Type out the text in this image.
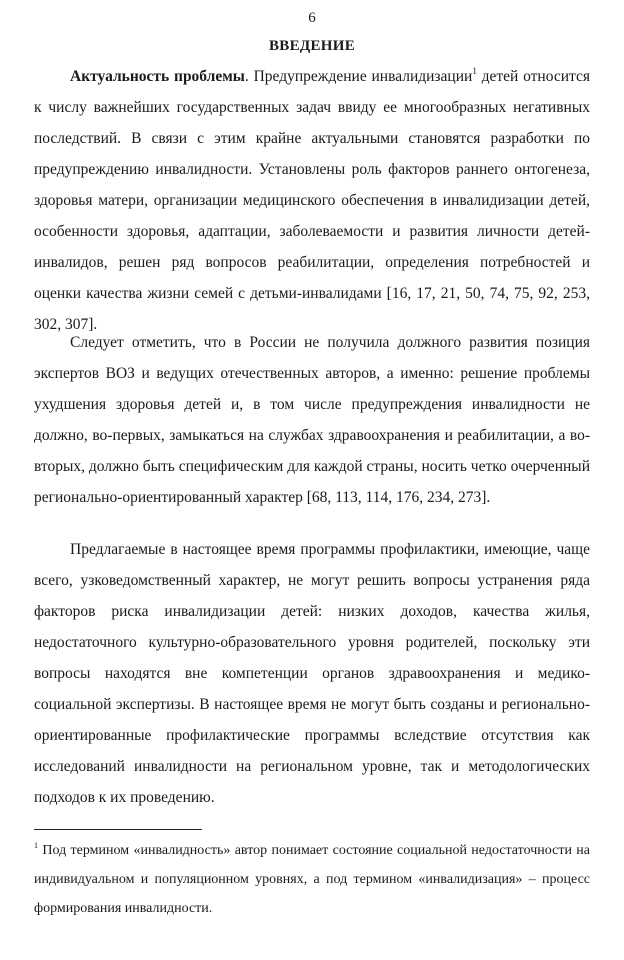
6
ВВЕДЕНИЕ

Актуальность проблемы. Предупреждение инвалидизации$^1$ детей относится к числу важнейших государственных задач ввиду ее многообразных негативных последствий. В связи с этим крайне актуальными становятся разработки по предупреждению инвалидности. Установлены роль факторов раннего онтогенеза, здоровья матери, организации медицинского обеспечения в инвалидизации детей, особенности здоровья, адаптации, заболеваемости и развития личности детей-инвалидов, решен ряд вопросов реабилитации, определения потребностей и оценки качества жизни семей с детьми-инвалидами [16, 17, 21, 50, 74, 75, 92, 253, 302, 307].

Следует отметить, что в России не получила должного развития позиция экспертов ВОЗ и ведущих отечественных авторов, а именно: решение проблемы ухудшения здоровья детей и, в том числе предупреждения инвалидности не должно, во-первых, замыкаться на службах здравоохранения и реабилитации, а во-вторых, должно быть специфическим для каждой страны, носить четко очерченный регионально-ориентированный характер [68, 113, 114, 176, 234, 273].

Предлагаемые в настоящее время программы профилактики, имеющие, чаще всего, узковедомственный характер, не могут решить вопросы устранения ряда факторов риска инвалидизации детей: низких доходов, качества жилья, недостаточного культурно-образовательного уровня родителей, поскольку эти вопросы находятся вне компетенции органов здравоохранения и медико-социальной экспертизы. В настоящее время не могут быть созданы и регионально-ориентированные профилактические программы вследствие отсутствия как исследований инвалидности на региональном уровне, так и методологических подходов к их проведению.

$^1$ Под термином «инвалидность» автор понимает состояние социальной недостаточности на индивидуальном и популяционном уровнях, а под термином «инвалидизация» – процесс формирования инвалидности.
